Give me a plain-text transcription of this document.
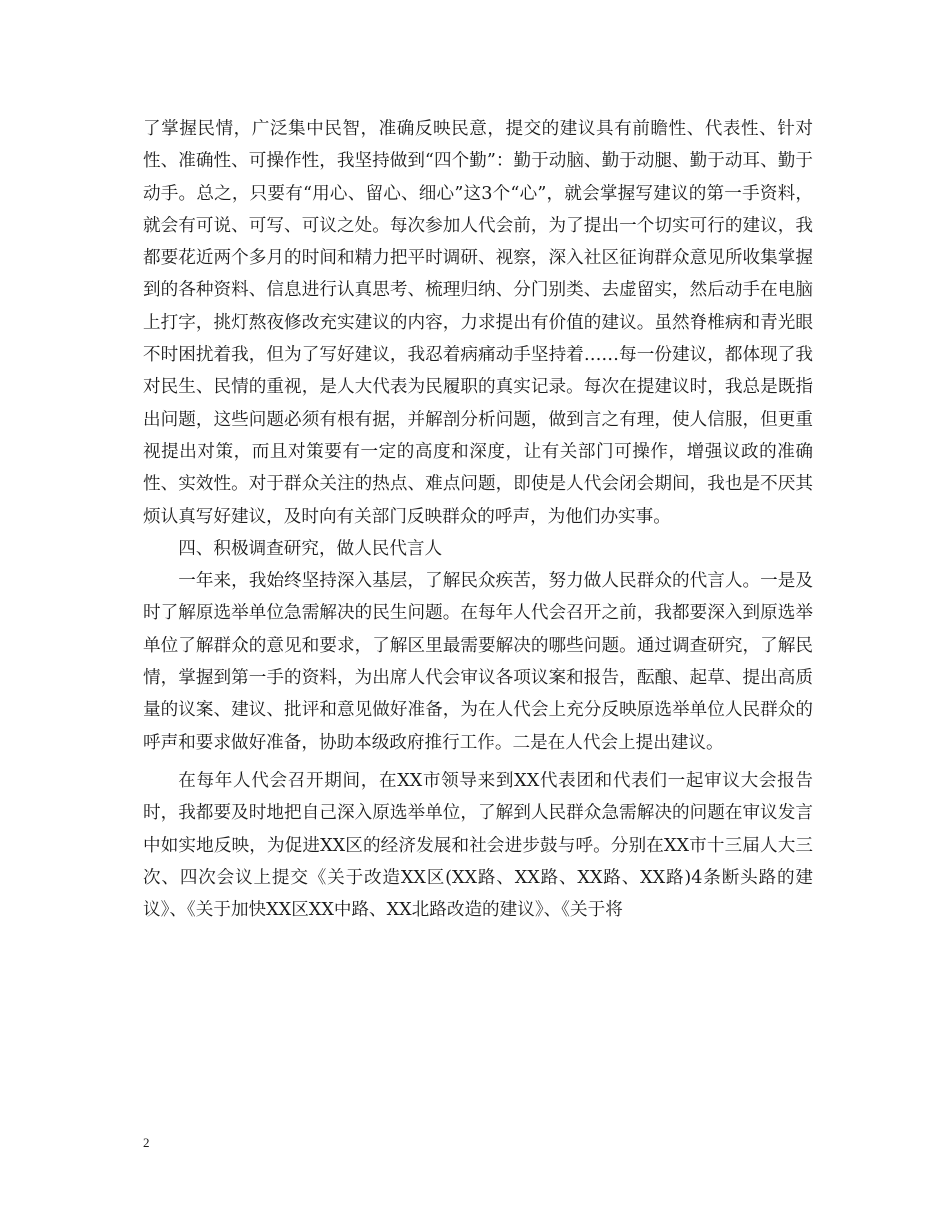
了掌握民情，广泛集中民智，准确反映民意，提交的建议具有前瞻性、代表性、针对性、准确性、可操作性，我坚持做到“四个勤”：勤于动脑、勤于动腿、勤于动耳、勤于动手。总之，只要有“用心、留心、细心”这3个“心”，就会掌握写建议的第一手资料，就会有可说、可写、可议之处。每次参加人代会前，为了提出一个切实可行的建议，我都要花近两个多月的时间和精力把平时调研、视察，深入社区征询群众意见所收集掌握到的各种资料、信息进行认真思考、梳理归纳、分门别类、去虚留实，然后动手在电脑上打字，挑灯熬夜修改充实建议的内容，力求提出有价值的建议。虽然脊椎病和青光眼不时困扰着我，但为了写好建议，我忍着病痛动手坚持着……每一份建议，都体现了我对民生、民情的重视，是人大代表为民履职的真实记录。每次在提建议时，我总是既指出问题，这些问题必须有根有据，并解剖分析问题，做到言之有理，使人信服，但更重视提出对策，而且对策要有一定的高度和深度，让有关部门可操作，增强议政的准确性、实效性。对于群众关注的热点、难点问题，即使是人代会闭会期间，我也是不厌其烦认真写好建议，及时向有关部门反映群众的呼声，为他们办实事。

四、积极调查研究，做人民代言人

一年来，我始终坚持深入基层，了解民众疾苦，努力做人民群众的代言人。一是及时了解原选举单位急需解决的民生问题。在每年人代会召开之前，我都要深入到原选举单位了解群众的意见和要求，了解区里最需要解决的哪些问题。通过调查研究，了解民情，掌握到第一手的资料，为出席人代会审议各项议案和报告，酝酿、起草、提出高质量的议案、建议、批评和意见做好准备，为在人代会上充分反映原选举单位人民群众的呼声和要求做好准备，协助本级政府推行工作。二是在人代会上提出建议。

在每年人代会召开期间，在XX市领导来到XX代表团和代表们一起审议大会报告时，我都要及时地把自己深入原选举单位，了解到人民群众急需解决的问题在审议发言中如实地反映，为促进XX区的经济发展和社会进步鼓与呼。分别在XX市十三届人大三次、四次会议上提交《关于改造XX区(XX路、XX路、XX路、XX路)4条断头路的建议》、《关于加快XX区XX中路、XX北路改造的建议》、《关于将

2
